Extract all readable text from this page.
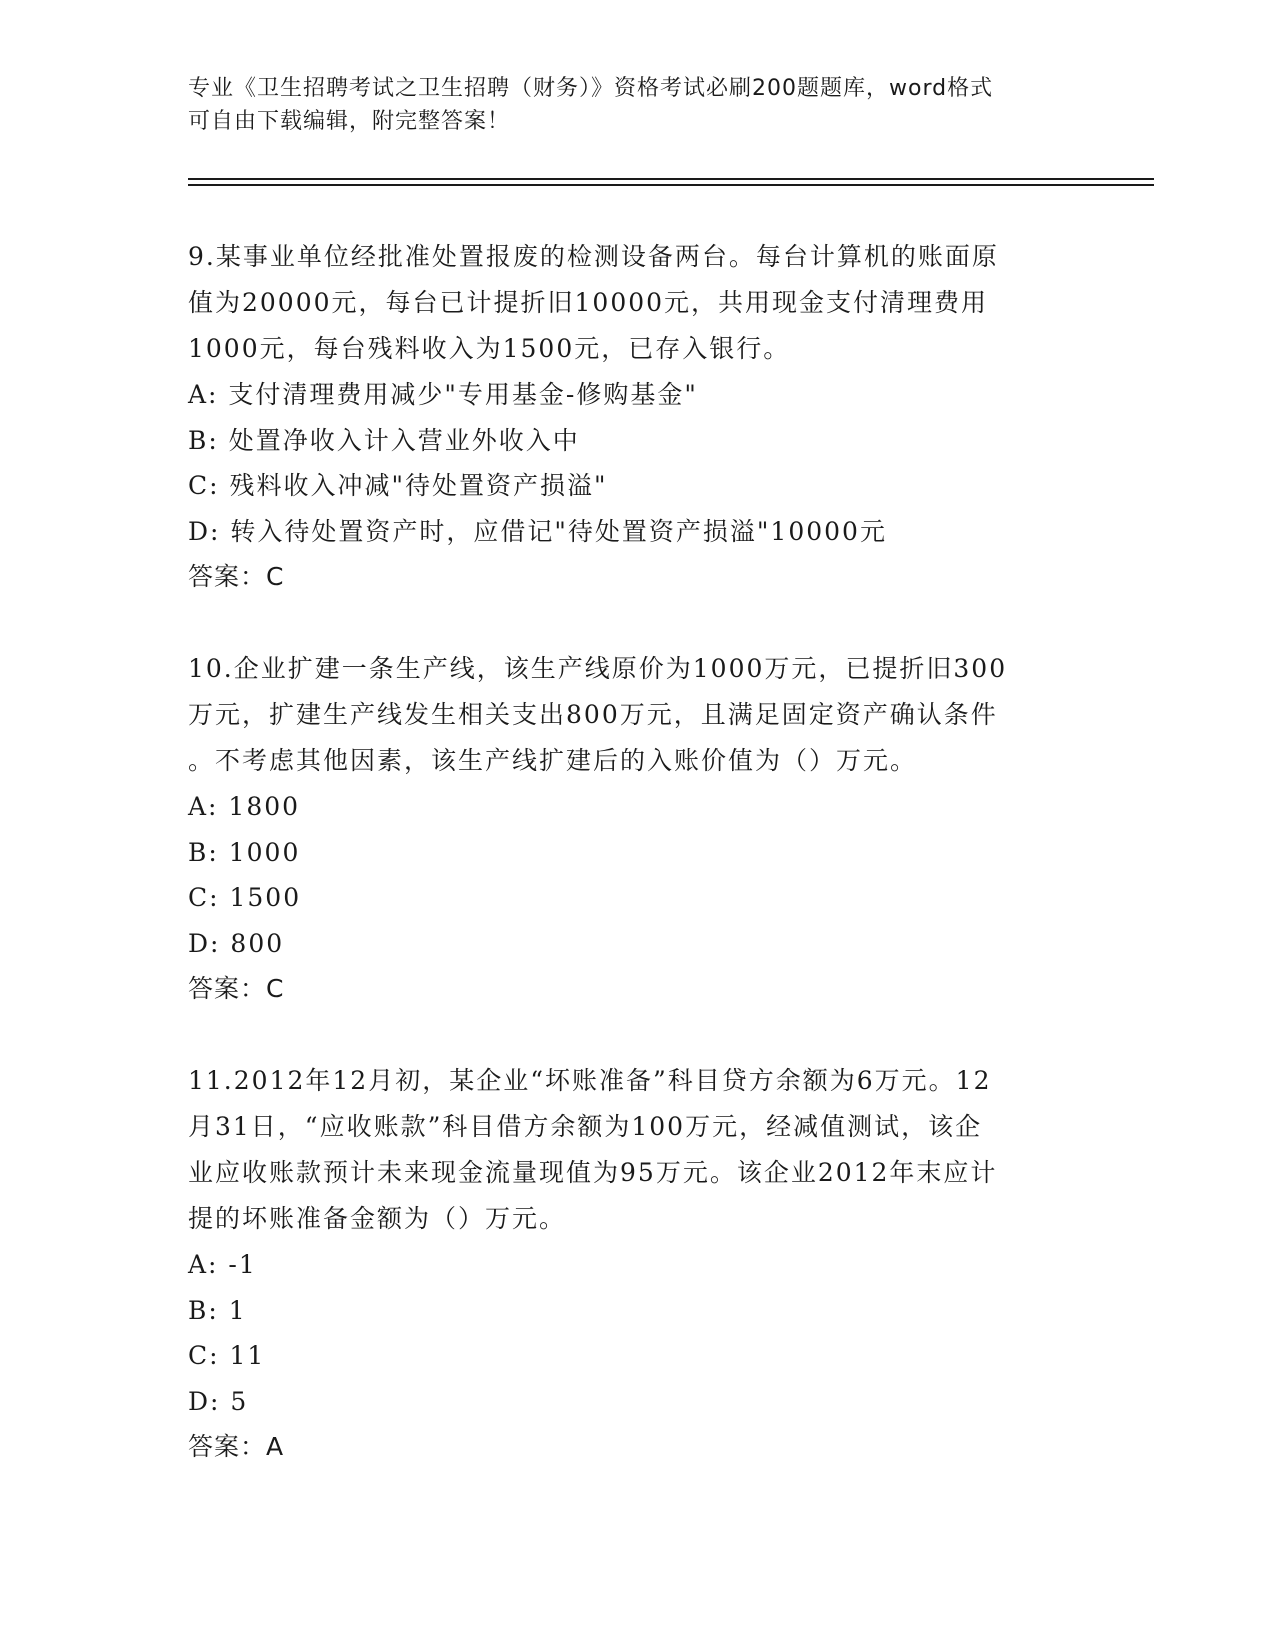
专业《卫生招聘考试之卫生招聘（财务）》资格考试必刷200题题库，word格式
可自由下载编辑，附完整答案！

9.某事业单位经批准处置报废的检测设备两台。每台计算机的账面原

值为20000元，每台已计提折旧10000元，共用现金支付清理费用

1000元，每台残料收入为1500元，已存入银行。

A: 支付清理费用减少"专用基金-修购基金"

B: 处置净收入计入营业外收入中

C: 残料收入冲减"待处置资产损溢"

D: 转入待处置资产时，应借记"待处置资产损溢"10000元

答案：C

10.企业扩建一条生产线，该生产线原价为1000万元，已提折旧300

万元，扩建生产线发生相关支出800万元，且满足固定资产确认条件

。不考虑其他因素，该生产线扩建后的入账价值为（）万元。

A: 1800

B: 1000

C: 1500

D: 800

答案：C

11.2012年12月初，某企业“坏账准备”科目贷方余额为6万元。12

月31日，“应收账款”科目借方余额为100万元，经减值测试，该企

业应收账款预计未来现金流量现值为95万元。该企业2012年末应计

提的坏账准备金额为（）万元。

A: -1

B: 1

C: 11

D: 5

答案：A
